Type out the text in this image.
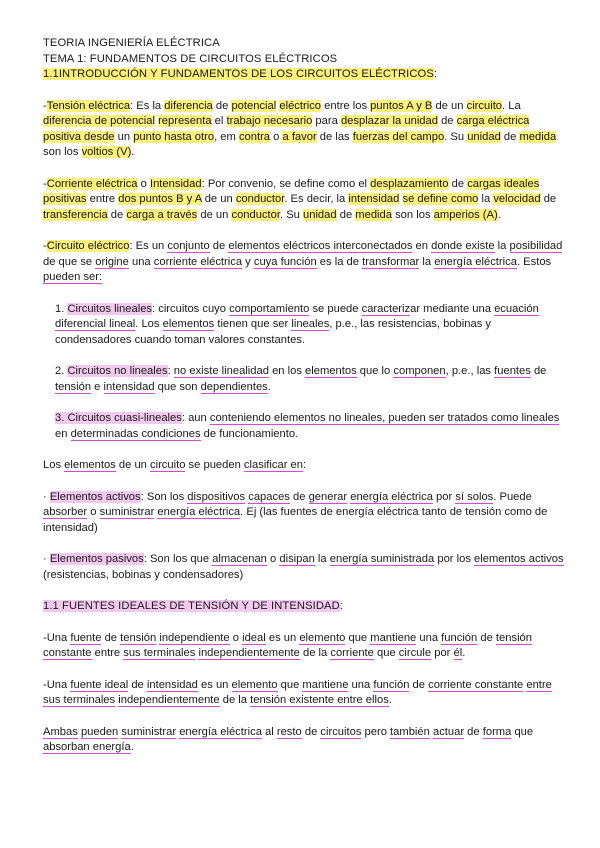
TEORIA INGENIERÍA ELÉCTRICA
TEMA 1: FUNDAMENTOS DE CIRCUITOS ELÉCTRICOS
1.1INTRODUCCIÓN Y FUNDAMENTOS DE LOS CIRCUITOS ELÉCTRICOS:
-Tensión eléctrica: Es la diferencia de potencial eléctrico entre los puntos A y B de un circuito. La
diferencia de potencial representa el trabajo necesario para desplazar la unidad de carga eléctrica
positiva desde un punto hasta otro, em contra o a favor de las fuerzas del campo. Su unidad de medida
son los voltios (V).
-Corriente eléctrica o Intensidad: Por convenio, se define como el desplazamiento de cargas ideales
positivas entre dos puntos B y A de un conductor. Es decir, la intensidad se define como la velocidad de
transferencia de carga a través de un conductor. Su unidad de medida son los amperios (A).
-Circuito eléctrico: Es un conjunto de elementos eléctricos interconectados en donde existe la posibilidad
de que se origine una corriente eléctrica y cuya función es la de transformar la energía eléctrica. Estos
pueden ser:
1. Circuitos lineales: circuitos cuyo comportamiento se puede caracterizar mediante una ecuación
diferencial lineal. Los elementos tienen que ser lineales, p.e., las resistencias, bobinas y
condensadores cuando toman valores constantes.
2. Circuitos no lineales: no existe linealidad en los elementos que lo componen, p.e., las fuentes de
tensión e intensidad que son dependientes.
3. Circuitos cuasi-lineales: aun conteniendo elementos no lineales, pueden ser tratados como lineales
en determinadas condiciones de funcionamiento.
Los elementos de un circuito se pueden clasificar en:
· Elementos activos: Son los dispositivos capaces de generar energía eléctrica por sí solos. Puede
absorber o suministrar energía eléctrica. Ej (las fuentes de energía eléctrica tanto de tensión como de
intensidad)
· Elementos pasivos: Son los que almacenan o disipan la energía suministrada por los elementos activos
(resistencias, bobinas y condensadores)
1.1 FUENTES IDEALES DE TENSIÓN Y DE INTENSIDAD:
-Una fuente de tensión independiente o ideal es un elemento que mantiene una función de tensión
constante entre sus terminales independientemente de la corriente que circule por él.
-Una fuente ideal de intensidad es un elemento que mantiene una función de corriente constante entre
sus terminales independientemente de la tensión existente entre ellos.
Ambas pueden suministrar energía eléctrica al resto de circuitos pero también actuar de forma que
absorban energía.
